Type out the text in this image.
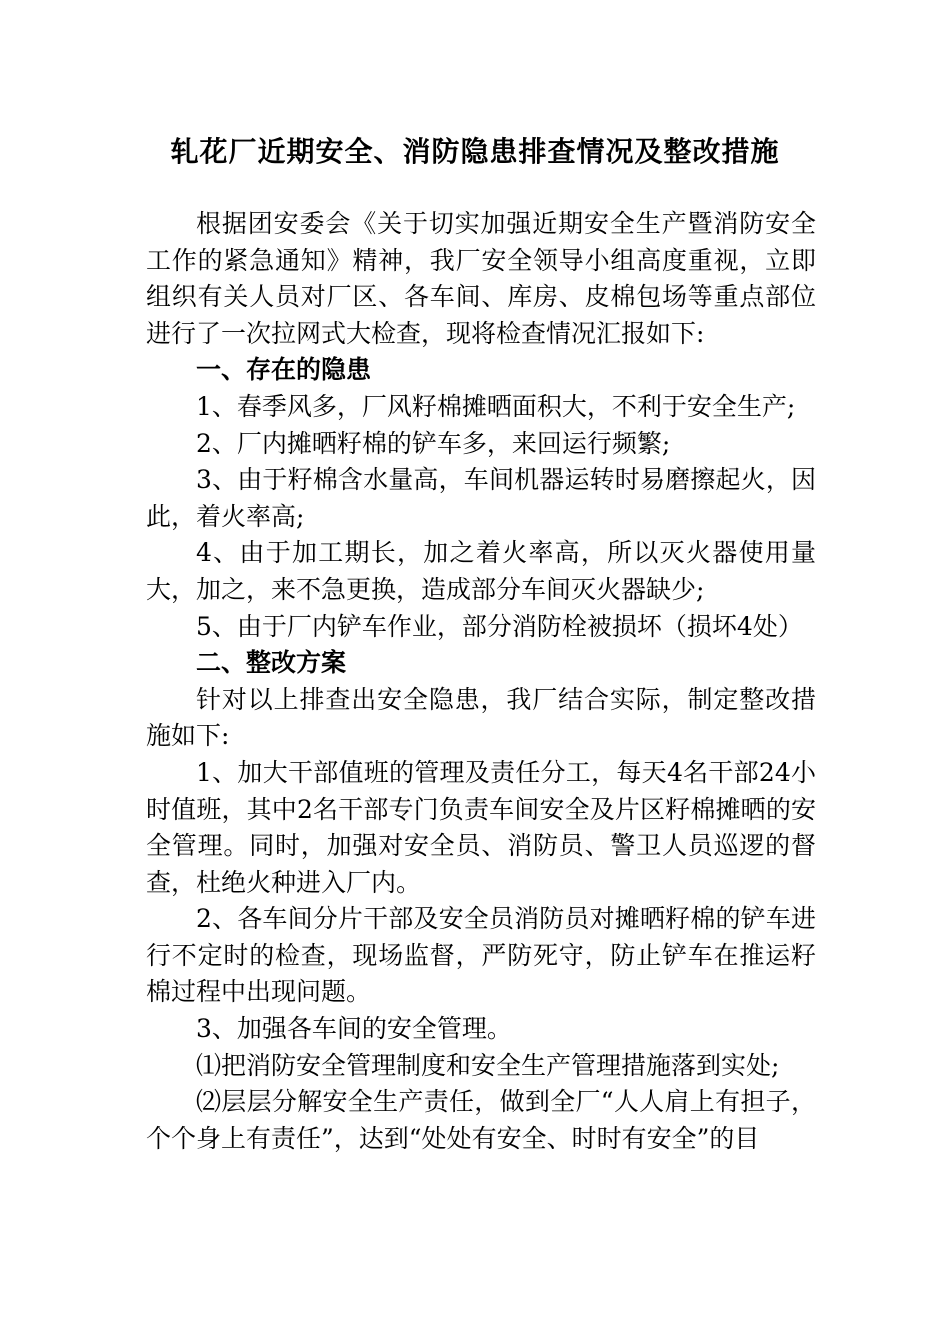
轧花厂近期安全、消防隐患排查情况及整改措施

根据团安委会《关于切实加强近期安全生产暨消防安全工作的紧急通知》精神，我厂安全领导小组高度重视，立即组织有关人员对厂区、各车间、库房、皮棉包场等重点部位进行了一次拉网式大检查，现将检查情况汇报如下:

一、存在的隐患

1、春季风多，厂风籽棉摊晒面积大，不利于安全生产;

2、厂内摊晒籽棉的铲车多，来回运行频繁;

3、由于籽棉含水量高，车间机器运转时易磨擦起火，因此，着火率高;

4、由于加工期长，加之着火率高，所以灭火器使用量大，加之，来不急更换，造成部分车间灭火器缺少;

5、由于厂内铲车作业，部分消防栓被损坏（损坏4处）

二、整改方案

针对以上排查出安全隐患，我厂结合实际，制定整改措施如下:

1、加大干部值班的管理及责任分工，每天4名干部24小时值班，其中2名干部专门负责车间安全及片区籽棉摊晒的安全管理。同时，加强对安全员、消防员、警卫人员巡逻的督查，杜绝火种进入厂内。

2、各车间分片干部及安全员消防员对摊晒籽棉的铲车进行不定时的检查，现场监督，严防死守，防止铲车在推运籽棉过程中出现问题。

3、加强各车间的安全管理。

⑴把消防安全管理制度和安全生产管理措施落到实处;

⑵层层分解安全生产责任，做到全厂“人人肩上有担子，个个身上有责任”，达到“处处有安全、时时有安全”的目
